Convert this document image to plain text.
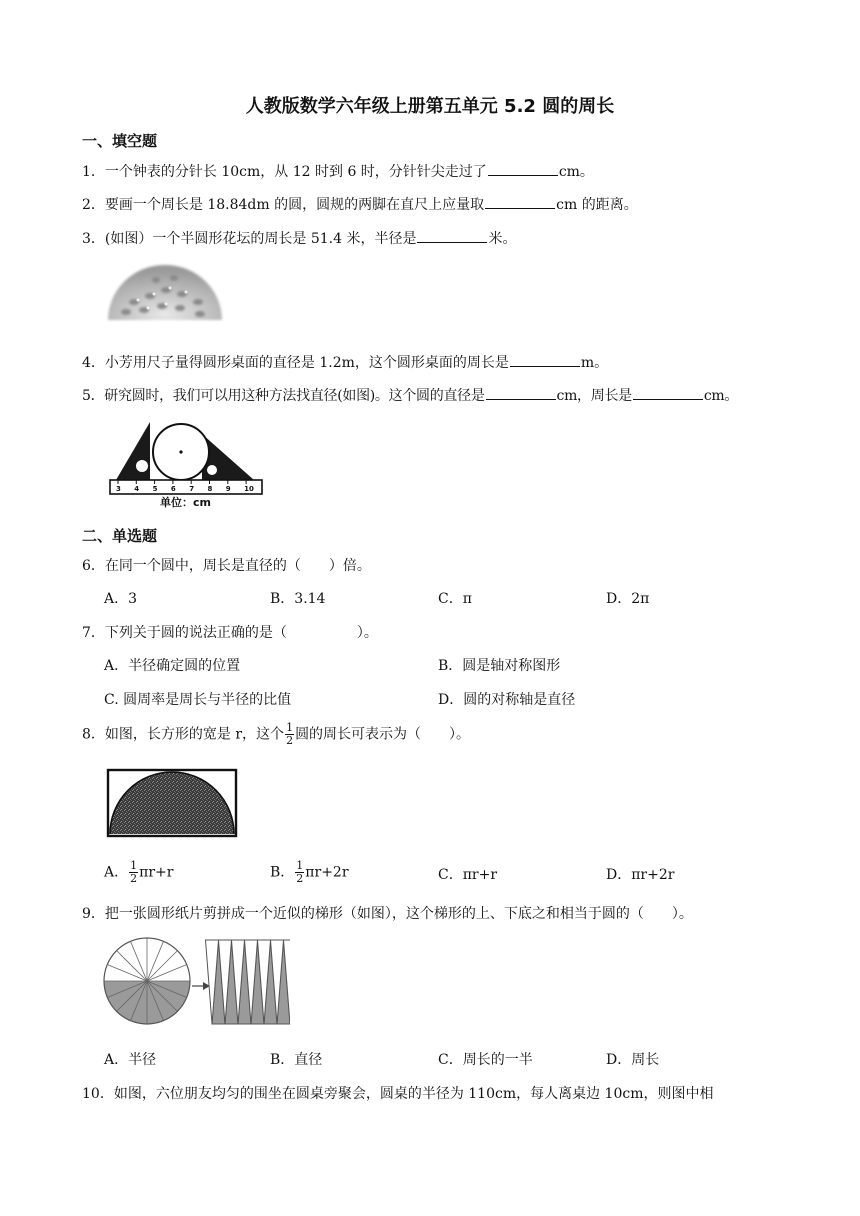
人教版数学六年级上册第五单元 5.2 圆的周长
一、填空题
1．一个钟表的分针长 10cm，从 12 时到 6 时，分针针尖走过了	cm。
2．要画一个周长是 18.84dm 的圆，圆规的两脚在直尺上应量取	cm 的距离。
3．(如图）一个半圆形花坛的周长是 51.4 米，半径是	米。
4．小芳用尺子量得圆形桌面的直径是 1.2m，这个圆形桌面的周长是	m。
5．研究圆时，我们可以用这种方法找直径(如图)。这个圆的直径是	cm，周长是	cm。
3 4 5 6 7 8 9 10
单位：cm
二、单选题
6．在同一个圆中，周长是直径的（　　）倍。
A．3	B．3.14	C．π	D．2π
7．下列关于圆的说法正确的是（　　　　　）。
A．半径确定圆的位置	B．圆是轴对称图形
C. 圆周率是周长与半径的比值	D．圆的对称轴是直径
8．如图，长方形的宽是 r，这个 $\frac{1}{2}$ 圆的周长可表示为（　　）。
A． $\frac{1}{2} \pi r+r$	B． $\frac{1}{2} \pi r+2r$	C．πr+r	D．πr+2r
9．把一张圆形纸片剪拼成一个近似的梯形（如图），这个梯形的上、下底之和相当于圆的（　　）。
A．半径	B．直径	C．周长的一半	D．周长
10．如图，六位朋友均匀的围坐在圆桌旁聚会，圆桌的半径为 110cm，每人离桌边 10cm，则图中相
